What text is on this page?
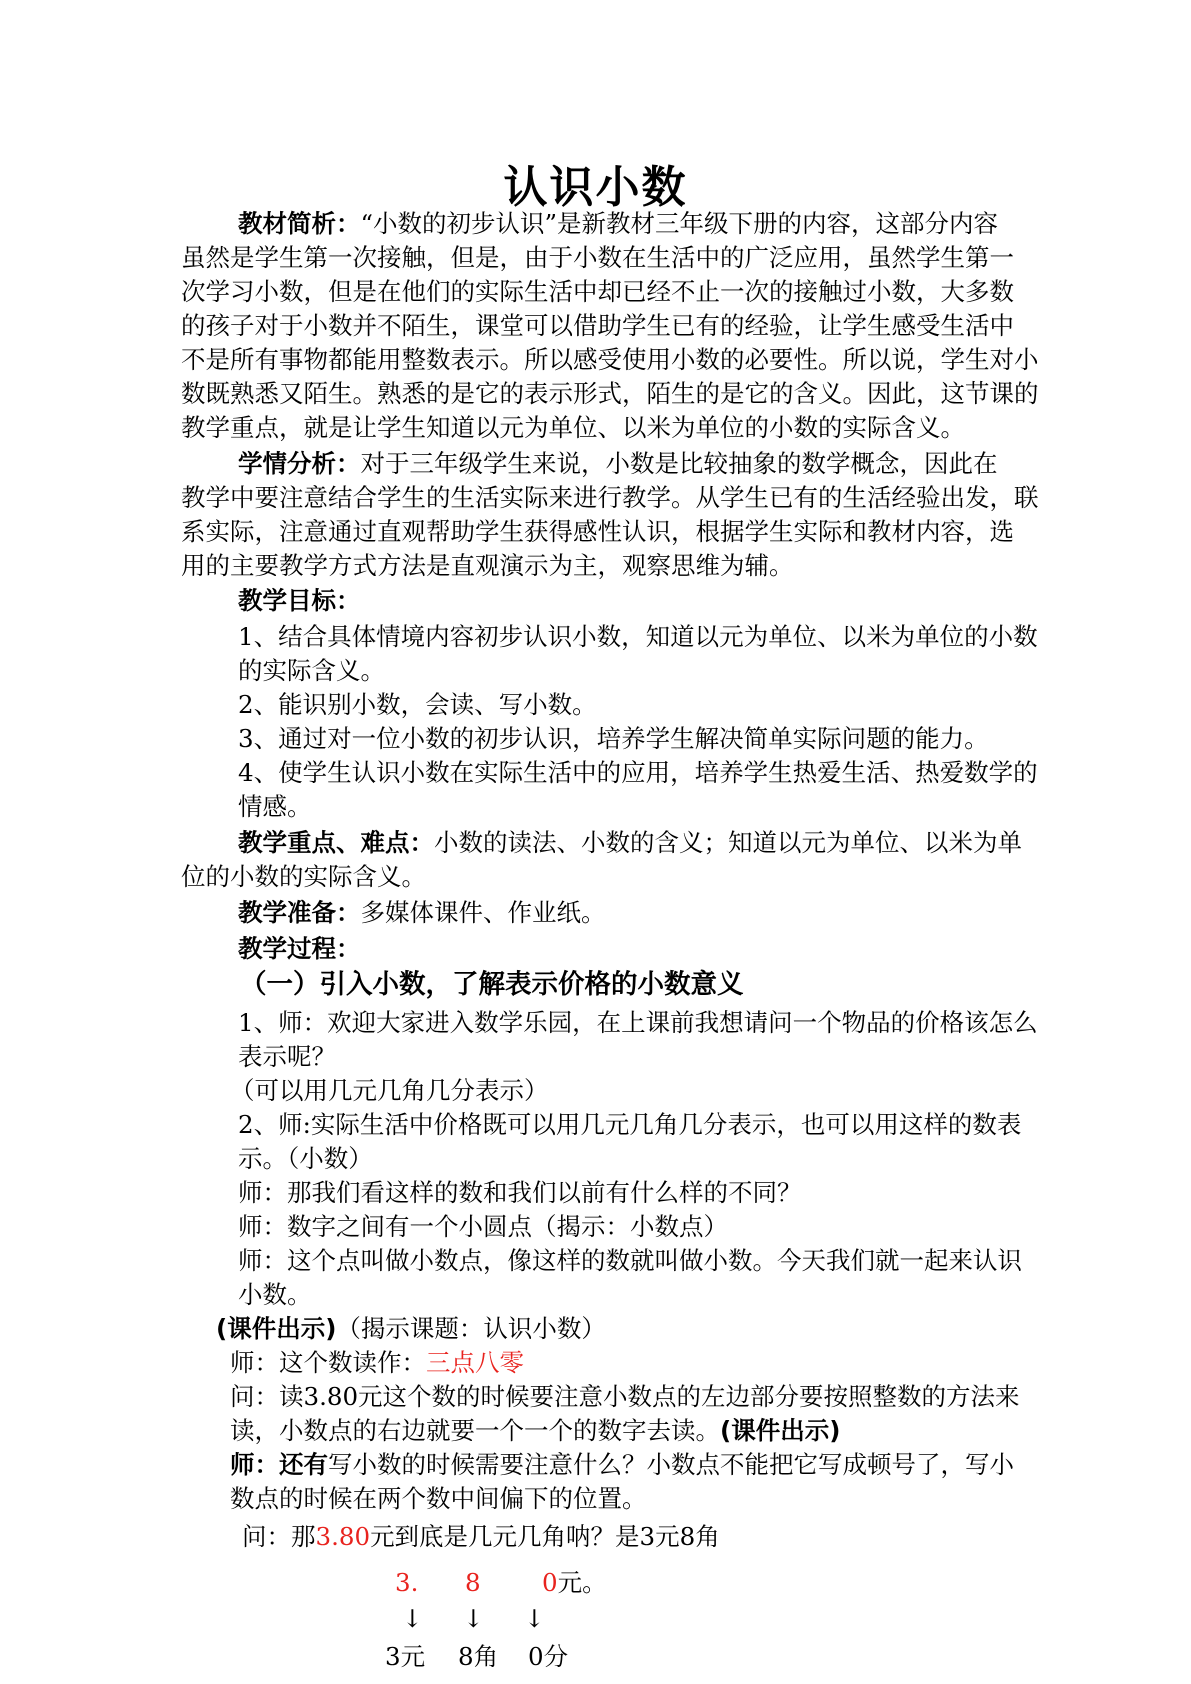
认识小数
教材简析：“小数的初步认识”是新教材三年级下册的内容，这部分内容
虽然是学生第一次接触，但是，由于小数在生活中的广泛应用，虽然学生第一
次学习小数，但是在他们的实际生活中却已经不止一次的接触过小数，大多数
的孩子对于小数并不陌生，课堂可以借助学生已有的经验，让学生感受生活中
不是所有事物都能用整数表示。所以感受使用小数的必要性。所以说，学生对小
数既熟悉又陌生。熟悉的是它的表示形式，陌生的是它的含义。因此，这节课的
教学重点，就是让学生知道以元为单位、以米为单位的小数的实际含义。
学情分析：对于三年级学生来说，小数是比较抽象的数学概念，因此在
教学中要注意结合学生的生活实际来进行教学。从学生已有的生活经验出发，联
系实际，注意通过直观帮助学生获得感性认识，根据学生实际和教材内容，选
用的主要教学方式方法是直观演示为主，观察思维为辅。
教学目标：
1、结合具体情境内容初步认识小数，知道以元为单位、以米为单位的小数
的实际含义。
2、能识别小数，会读、写小数。
3、通过对一位小数的初步认识，培养学生解决简单实际问题的能力。
4、使学生认识小数在实际生活中的应用，培养学生热爱生活、热爱数学的
情感。
教学重点、难点：小数的读法、小数的含义；知道以元为单位、以米为单
位的小数的实际含义。
教学准备：多媒体课件、作业纸。
教学过程：
（一）引入小数，了解表示价格的小数意义
1、师：欢迎大家进入数学乐园，在上课前我想请问一个物品的价格该怎么
表示呢？
（可以用几元几角几分表示）
2、师:实际生活中价格既可以用几元几角几分表示，也可以用这样的数表
示。（小数）
师：那我们看这样的数和我们以前有什么样的不同？
师：数字之间有一个小圆点（揭示：小数点）
师：这个点叫做小数点，像这样的数就叫做小数。今天我们就一起来认识
小数。
(课件出示)（揭示课题：认识小数）
师：这个数读作：三点八零
问：读3.80元这个数的时候要注意小数点的左边部分要按照整数的方法来
读，小数点的右边就要一个一个的数字去读。(课件出示)
师：还有写小数的时候需要注意什么？小数点不能把它写成顿号了，写小
数点的时候在两个数中间偏下的位置。
问：那3.80元到底是几元几角呐？是3元8角
3. 8	0元。
↓ ↓ ↓
3元 8角 0分
